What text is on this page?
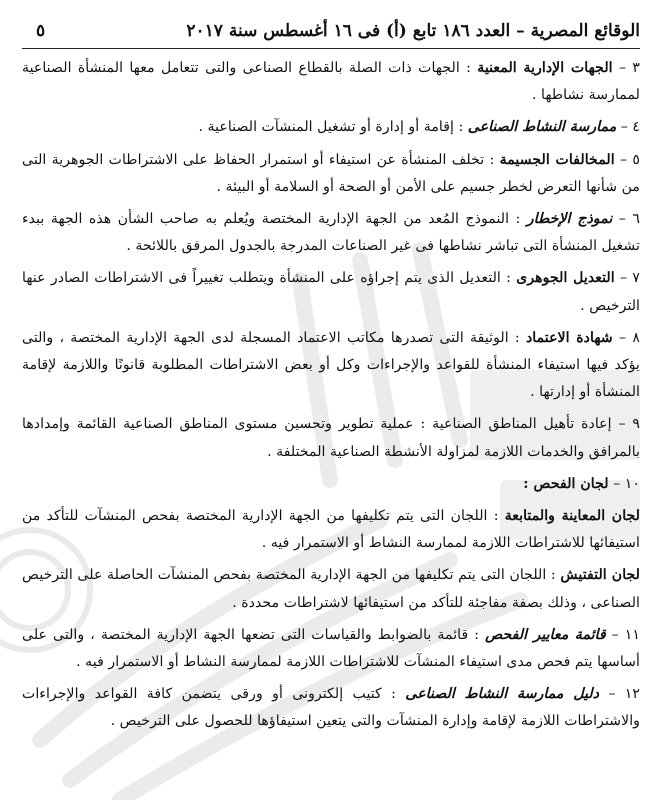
الوقائع المصرية – العدد ١٨٦ تابع (أ) فى ١٦ أغسطس سنة ٢٠١٧
٥

٣ – الجهات الإدارية المعنية : الجهات ذات الصلة بالقطاع الصناعى والتى تتعامل معها المنشأة الصناعية لممارسة نشاطها .

٤ – ممارسة النشاط الصناعى : إقامة أو إدارة أو تشغيل المنشآت الصناعية .

٥ – المخالفات الجسيمة : تخلف المنشأة عن استيفاء أو استمرار الحفاظ على الاشتراطات الجوهرية التى من شأنها التعرض لخطر جسيم على الأمن أو الصحة أو السلامة أو البيئة .

٦ – نموذج الإخطار : النموذج المُعد من الجهة الإدارية المختصة ويُعلم به صاحب الشأن هذه الجهة ببدء تشغيل المنشأة التى تباشر نشاطها فى غير الصناعات المدرجة بالجدول المرفق باللائحة .

٧ – التعديل الجوهرى : التعديل الذى يتم إجراؤه على المنشأة ويتطلب تغييراً فى الاشتراطات الصادر عنها الترخيص .

٨ – شهادة الاعتماد : الوثيقة التى تصدرها مكاتب الاعتماد المسجلة لدى الجهة الإدارية المختصة ، والتى يؤكد فيها استيفاء المنشأة للقواعد والإجراءات وكل أو بعض الاشتراطات المطلوبة قانونًا واللازمة لإقامة المنشأة أو إدارتها .

٩ – إعادة تأهيل المناطق الصناعية : عملية تطوير وتحسين مستوى المناطق الصناعية القائمة وإمدادها بالمرافق والخدمات اللازمة لمزاولة الأنشطة الصناعية المختلفة .

١٠ – لجان الفحص :

لجان المعاينة والمتابعة : اللجان التى يتم تكليفها من الجهة الإدارية المختصة بفحص المنشآت للتأكد من استيفائها للاشتراطات اللازمة لممارسة النشاط أو الاستمرار فيه .

لجان التفتيش : اللجان التى يتم تكليفها من الجهة الإدارية المختصة بفحص المنشآت الحاصلة على الترخيص الصناعى ، وذلك بصفة مفاجئة للتأكد من استيفائها لاشتراطات محددة .

١١ – قائمة معايير الفحص : قائمة بالضوابط والقياسات التى تضعها الجهة الإدارية المختصة ، والتى على أساسها يتم فحص مدى استيفاء المنشآت للاشتراطات اللازمة لممارسة النشاط أو الاستمرار فيه .

١٢ – دليل ممارسة النشاط الصناعى : كتيب إلكترونى أو ورقى يتضمن كافة القواعد والإجراءات والاشتراطات اللازمة لإقامة وإدارة المنشآت والتى يتعين استيفاؤها للحصول على الترخيص .
